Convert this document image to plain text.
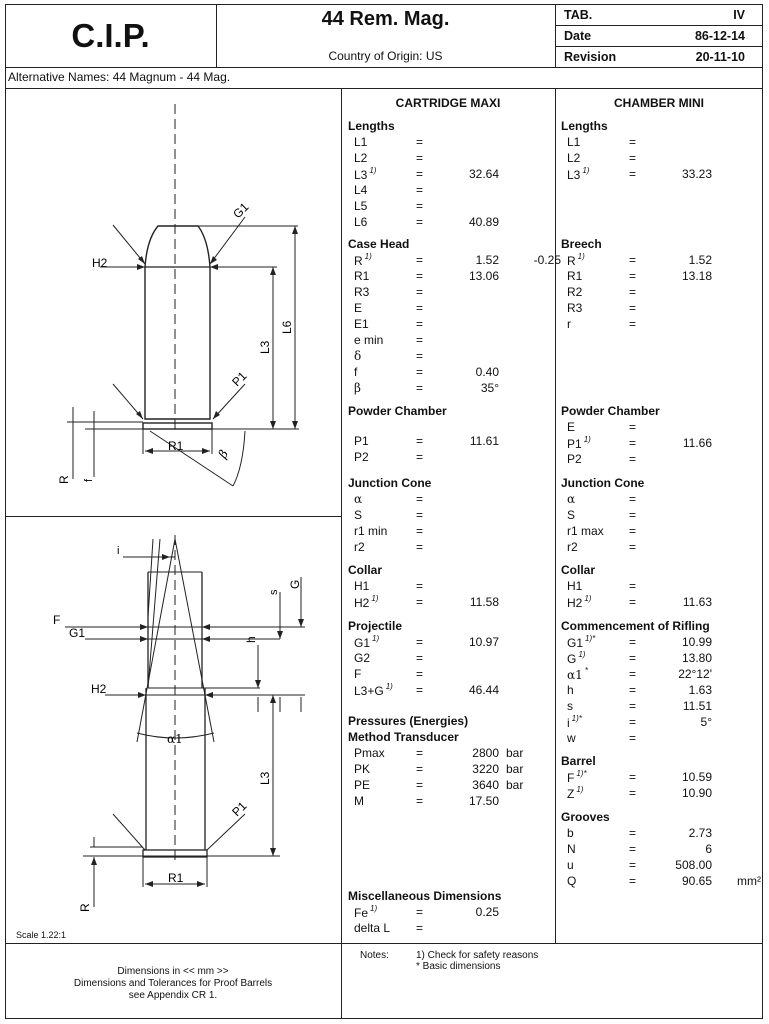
C.I.P.	44 Rem. Mag.
Country of Origin: US
TAB.	IV
Date	86-12-14
Revision	20-11-10
Alternative Names: 44 Magnum - 44 Mag.
CARTRIDGE MAXI	CHAMBER MINI
Lengths
L1	=
L2	=
L3 $^{1)}$	=	32.64
L4	=
L5	=
L6	=	40.89
Case Head
R $^{1)}$	=	1.52	-0.25
R1	=	13.06
R3	=
E	=
E1	=
e min	=
δ	=
f	=	0.40
β	=	35°
Powder Chamber
P1	=	11.61
P2	=
Junction Cone
α	=
S	=
r1 min =
r2	=
Collar
H1	=
H2 $^{1)}$	=	11.58
Projectile
G1 $^{1)}$	=	10.97
G2	=
F	=
L3+G $^{1)}$ =	46.44
Pressures (Energies)
Method Transducer
Pmax	=	2800 bar
PK	=	3220 bar
PE	=	3640 bar
M	=	17.50
Miscellaneous Dimensions
Fe $^{1)}$	=	0.25
delta L =
Lengths
L1	=
L2	=
L3 $^{1)}$	=	33.23
Breech
R $^{1)}$	=	1.52
R1	=	13.18
R2	=
R3	=
r	=
Powder Chamber
E	=
P1 $^{1)}$	=	11.66
P2	=
Junction Cone
α	=
S	=
r1 max =
r2	=
Collar
H1	=
H2 $^{1)}$	=	11.63
Commencement of Rifling
G1 $^{1)*}$	=	10.99
G $^{1)}$	=	13.80
α1 *	=	22°12'
h	=	1.63
s	=	11.51
i $^{1)*}$	=	5°
w	=
Barrel
F $^{1)*}$	=	10.59
Z $^{1)}$	=	10.90
Grooves
b	=	2.73
N	=	6
u	=	508.00
Q	=	90.65 mm²
G1
H2
L6
L3
P1
R1
R f
β
i
s
G
F
G1	h
H2
α1
L3
P1
R1
R
Scale 1.22:1
Dimensions in << mm >>
Dimensions and Tolerances for Proof Barrels
see Appendix CR 1.
Notes:	1) Check for safety reasons
* Basic dimensions
